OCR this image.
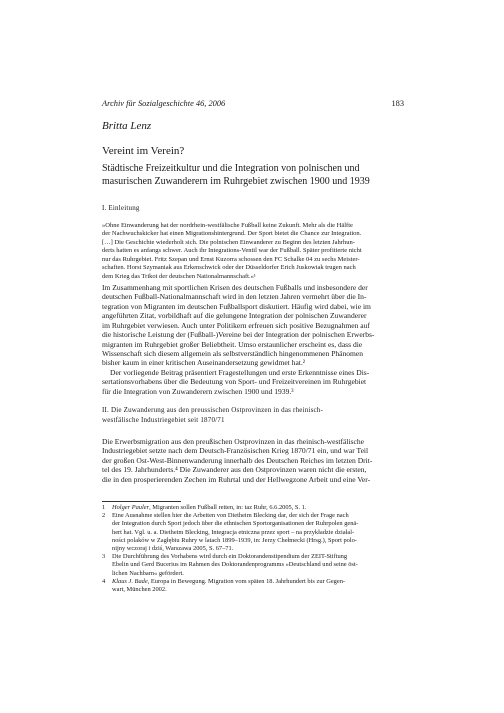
Archiv für Sozialgeschichte 46, 2006	183
Britta Lenz
Vereint im Verein?
Städtische Freizeitkultur und die Integration von polnischen und masurischen Zuwanderern im Ruhrgebiet zwischen 1900 und 1939
I. Einleitung
»Ohne Einwanderung hat der nordrhein-westfälische Fußball keine Zukunft. Mehr als die Hälfte
der Nachwuchskicker hat einen Migrationshintergrund. Der Sport bietet die Chance zur Integration.
[…] Die Geschichte wiederholt sich. Die polnischen Einwanderer zu Beginn des letzten Jahrhun-
derts hatten es anfangs schwer. Auch ihr Integrations-Ventil war der Fußball. Später profitierte nicht
nur das Ruhrgebiet. Fritz Szepan und Ernst Kuzorra schossen den FC Schalke 04 zu sechs Meister-
schaften. Horst Szymaniak aus Erkenschwick oder der Düsseldorfer Erich Juskowiak trugen nach
dem Krieg das Trikot der deutschen Nationalmannschaft.«¹
Im Zusammenhang mit sportlichen Krisen des deutschen Fußballs und insbesondere der
deutschen Fußball-Nationalmannschaft wird in den letzten Jahren vermehrt über die In-
tegration von Migranten im deutschen Fußballsport diskutiert. Häufig wird dabei, wie im
angeführten Zitat, vorbildhaft auf die gelungene Integration der polnischen Zuwanderer
im Ruhrgebiet verwiesen. Auch unter Politikern erfreuen sich positive Bezugnahmen auf
die historische Leistung der (Fußball-)Vereine bei der Integration der polnischen Erwerbs-
migranten im Ruhrgebiet großer Beliebtheit. Umso erstaunlicher erscheint es, dass die
Wissenschaft sich diesem allgemein als selbstverständlich hingenommenen Phänomen
bisher kaum in einer kritischen Auseinandersetzung gewidmet hat.²
Der vorliegende Beitrag präsentiert Fragestellungen und erste Erkenntnisse eines Dis-
sertationsvorhabens über die Bedeutung von Sport- und Freizeitvereinen im Ruhrgebiet
für die Integration von Zuwanderern zwischen 1900 und 1939.³
II. Die Zuwanderung aus den preussischen Ostprovinzen in das rheinisch-
westfälische Industriegebiet seit 1870/71
Die Erwerbsmigration aus den preußischen Ostprovinzen in das rheinisch-westfälische
Industriegebiet setzte nach dem Deutsch-Französischen Krieg 1870/71 ein, und war Teil
der großen Ost-West-Binnenwanderung innerhalb des Deutschen Reiches im letzten Drit-
tel des 19. Jahrhunderts.⁴ Die Zuwanderer aus den Ostprovinzen waren nicht die ersten,
die in den prosperierenden Zechen im Ruhrtal und der Hellwegzone Arbeit und eine Ver-
1	Holger Pauler, Migranten sollen Fußball retten, in: taz Ruhr, 6.6.2005, S. 1.
2	Eine Ausnahme stellen hier die Arbeiten von Dietheim Blecking dar, der sich der Frage nach
der Integration durch Sport jedoch über die ethnischen Sportorganisationen der Ruhrpolen genä-
hert hat. Vgl. u. a. Dietheim Blecking, Integracja etniczna przez sport – na przykładzie działal-
ności polaków w Zagłębiu Ruhry w latach 1899–1939, in: Jerzy Chełmecki (Hrsg.), Sport polo-
nijny wczoraj i dziś, Warszawa 2005, S. 67–71.
3	Die Durchführung des Vorhabens wird durch ein Doktorandenstipendium der ZEIT-Stiftung
Ebelin und Gerd Bucerius im Rahmen des Doktorandenprogramms »Deutschland und seine öst-
lichen Nachbarn« gefördert.
4	Klaus J. Bade, Europa in Bewegung. Migration vom späten 18. Jahrhundert bis zur Gegen-
wart, München 2002.
